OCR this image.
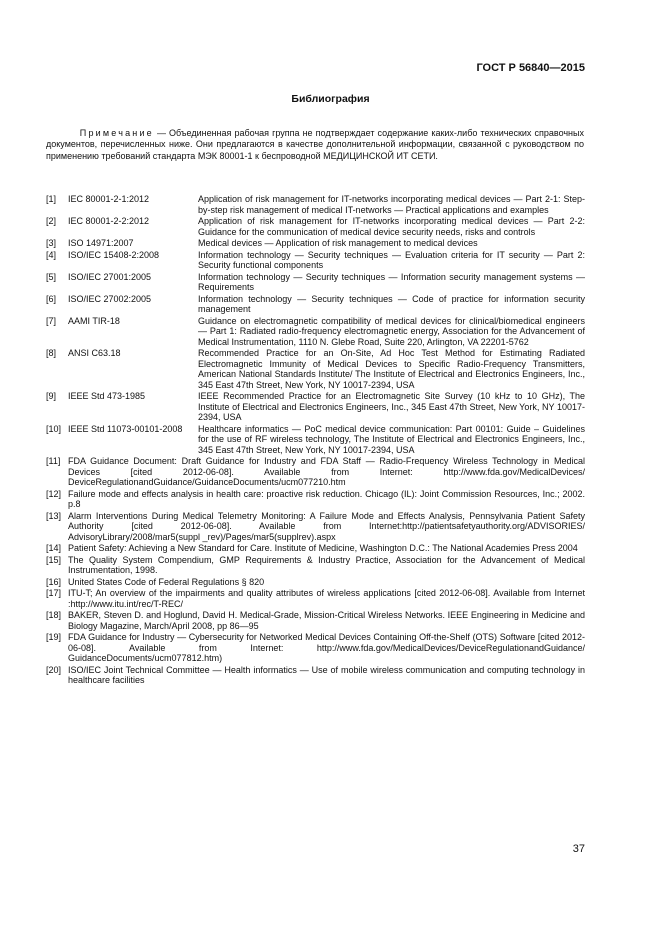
ГОСТ Р 56840—2015
Библиография
Примечание — Объединенная рабочая группа не подтверждает содержание каких-либо технических справочных документов, перечисленных ниже. Они предлагаются в качестве дополнительной информации, связанной с руководством по применению требований стандарта МЭК 80001-1 к беспроводной МЕДИЦИНСКОЙ ИТ СЕТИ.
[1]	IEC 80001-2-1:2012	Application of risk management for IT-networks incorporating medical devices — Part 2-1: Step-by-step risk management of medical IT-networks — Practical applications and examples
[2]	IEC 80001-2-2:2012	Application of risk management for IT-networks incorporating medical devices — Part 2-2: Guidance for the communication of medical device security needs, risks and controls
[3]	ISO 14971:2007	Medical devices — Application of risk management to medical devices
[4]	ISO/IEC 15408-2:2008	Information technology — Security techniques — Evaluation criteria for IT security — Part 2: Security functional components
[5]	ISO/IEC 27001:2005	Information technology — Security techniques — Information security management systems — Requirements
[6]	ISO/IEC 27002:2005	Information technology — Security techniques — Code of practice for information security management
[7]	AAMI TIR-18	Guidance on electromagnetic compatibility of medical devices for clinical/biomedical engineers — Part 1: Radiated radio-frequency electromagnetic energy, Association for the Advancement of Medical Instrumentation, 1110 N. Glebe Road, Suite 220, Arlington, VA 22201-5762
[8]	ANSI C63.18	Recommended Practice for an On-Site, Ad Hoc Test Method for Estimating Radiated Electromagnetic Immunity of Medical Devices to Specific Radio-Frequency Transmitters, American National Standards Institute/ The Institute of Electrical and Electronics Engineers, Inc., 345 East 47th Street, New York, NY 10017-2394, USA
[9]	IEEE Std 473-1985	IEEE Recommended Practice for an Electromagnetic Site Survey (10 kHz to 10 GHz), The Institute of Electrical and Electronics Engineers, Inc., 345 East 47th Street, New York, NY 10017-2394, USA
[10] IEEE Std 11073-00101-2008	Healthcare informatics — PoC medical device communication: Part 00101: Guide – Guidelines for the use of RF wireless technology, The Institute of Electrical and Electronics Engineers, Inc., 345 East 47th Street, New York, NY 10017-2394, USA
[11] FDA Guidance Document: Draft Guidance for Industry and FDA Staff — Radio-Frequency Wireless Technology in Medical Devices [cited 2012-06-08]. Available from Internet: http://www.fda.gov/MedicalDevices/ DeviceRegulationandGuidance/GuidanceDocuments/ucm077210.htm
[12] Failure mode and effects analysis in health care: proactive risk reduction. Chicago (IL): Joint Commission Resources, Inc.; 2002. p.8
[13] Alarm Interventions During Medical Telemetry Monitoring: A Failure Mode and Effects Analysis, Pennsylvania Patient Safety Authority [cited 2012-06-08]. Available from Internet:http://patientsafetyauthority.org/ADVISORIES/ AdvisoryLibrary/2008/mar5(suppl _rev)/Pages/mar5(supplrev).aspx
[14] Patient Safety: Achieving a New Standard for Care. Institute of Medicine, Washington D.C.: The National Academies Press 2004
[15] The Quality System Compendium, GMP Requirements & Industry Practice, Association for the Advancement of Medical Instrumentation, 1998.
[16] United States Code of Federal Regulations § 820
[17] ITU-T; An overview of the impairments and quality attributes of wireless applications [cited 2012-06-08]. Available from Internet :http://www.itu.int/rec/T-REC/
[18] BAKER, Steven D. and Hoglund, David H. Medical-Grade, Mission-Critical Wireless Networks. IEEE Engineering in Medicine and Biology Magazine, March/April 2008, pp 86—95
[19] FDA Guidance for Industry — Cybersecurity for Networked Medical Devices Containing Off-the-Shelf (OTS) Software [cited 2012-06-08]. Available from Internet: http://www.fda.gov/MedicalDevices/DeviceRegulationandGuidance/ GuidanceDocuments/ucm077812.htm)
[20] ISO/IEC Joint Technical Committee — Health informatics — Use of mobile wireless communication and computing technology in healthcare facilities
37
